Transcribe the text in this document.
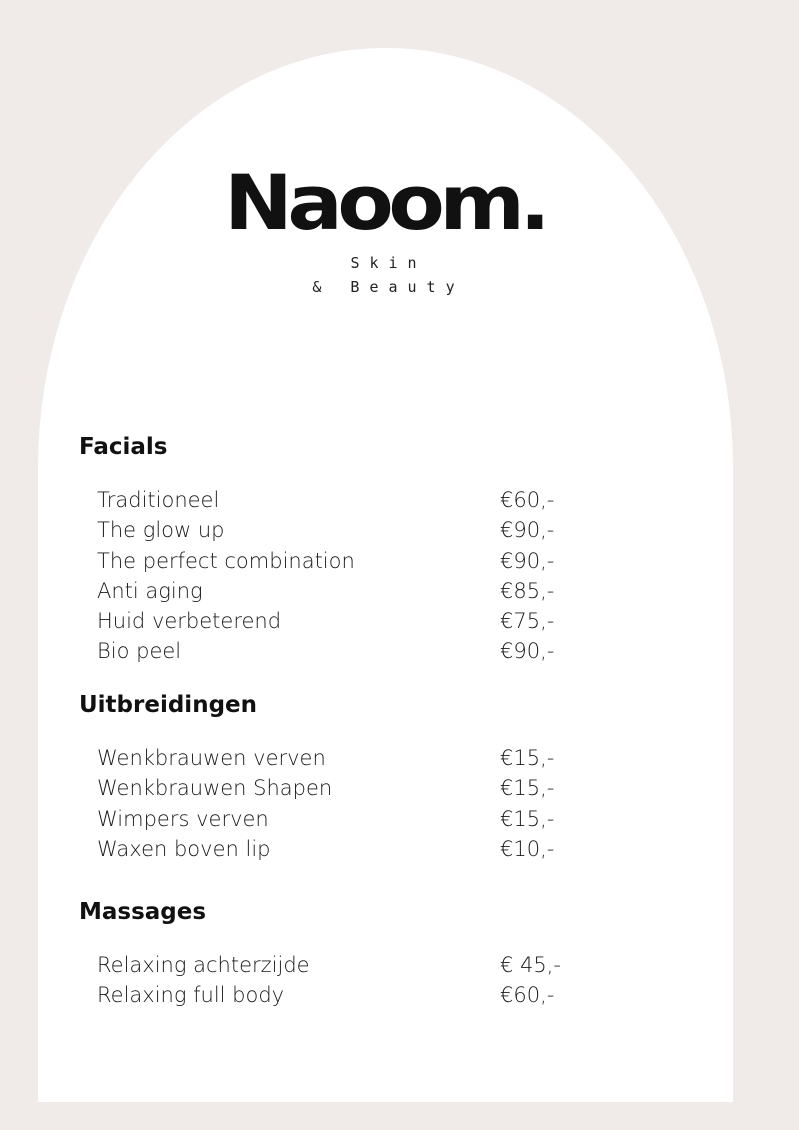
Naoom.
Skin
& Beauty
Facials
Traditioneel	€60,-
The glow up	€90,-
The perfect combination	€90,-
Anti aging	€85,-
Huid verbeterend	€75,-
Bio peel	€90,-
Uitbreidingen
Wenkbrauwen verven	€15,-
Wenkbrauwen Shapen	€15,-
Wimpers verven	€15,-
Waxen boven lip	€10,-
Massages
Relaxing achterzijde	€ 45,-
Relaxing full body	€60,-
